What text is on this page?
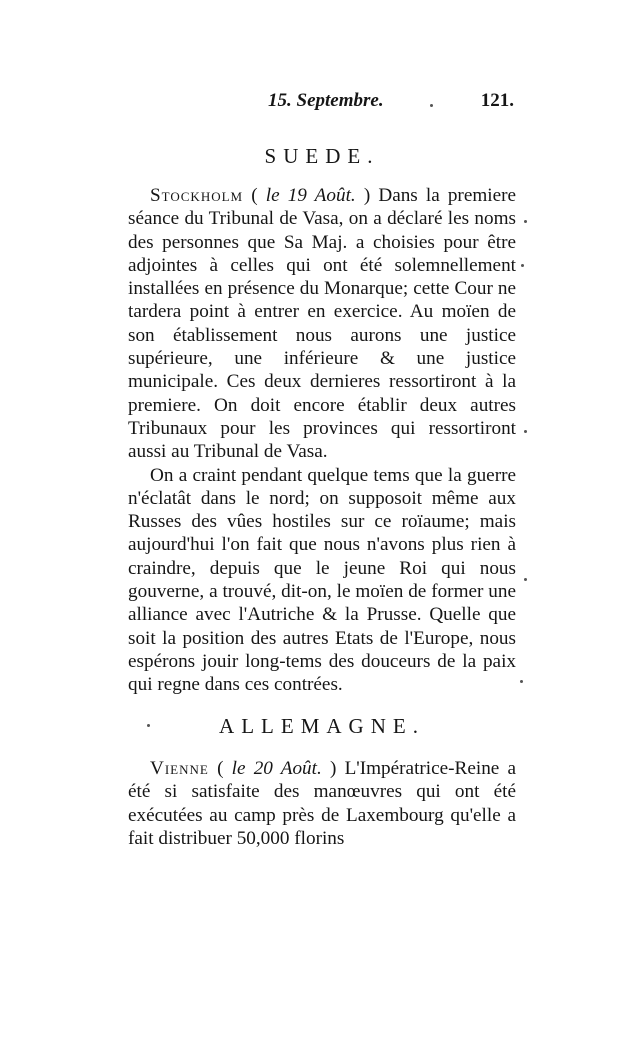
15. Septembre.	121.
SUEDE.

Stockholm ( le 19 Août. ) Dans la premiere séance du Tribunal de Vasa, on a déclaré les noms des personnes que Sa Maj. a choisies pour être adjointes à celles qui ont été solemnellement installées en présence du Monarque; cette Cour ne tardera point à entrer en exercice. Au moïen de son établissement nous aurons une justice supérieure, une inférieure & une justice municipale. Ces deux dernieres ressortiront à la premiere. On doit encore établir deux autres Tribunaux pour les provinces qui ressortiront aussi au Tribunal de Vasa.

On a craint pendant quelque tems que la guerre n'éclatât dans le nord; on supposoit même aux Russes des vûes hostiles sur ce roïaume; mais aujourd'hui l'on fait que nous n'avons plus rien à craindre, depuis que le jeune Roi qui nous gouverne, a trouvé, dit-on, le moïen de former une alliance avec l'Autriche & la Prusse. Quelle que soit la position des autres Etats de l'Europe, nous espérons jouir long-tems des douceurs de la paix qui regne dans ces contrées.

ALLEMAGNE.

Vienne ( le 20 Août. ) L'Impératrice-Reine a été si satisfaite des manœuvres qui ont été exécutées au camp près de Laxembourg qu'elle a fait distribuer 50,000 florins
